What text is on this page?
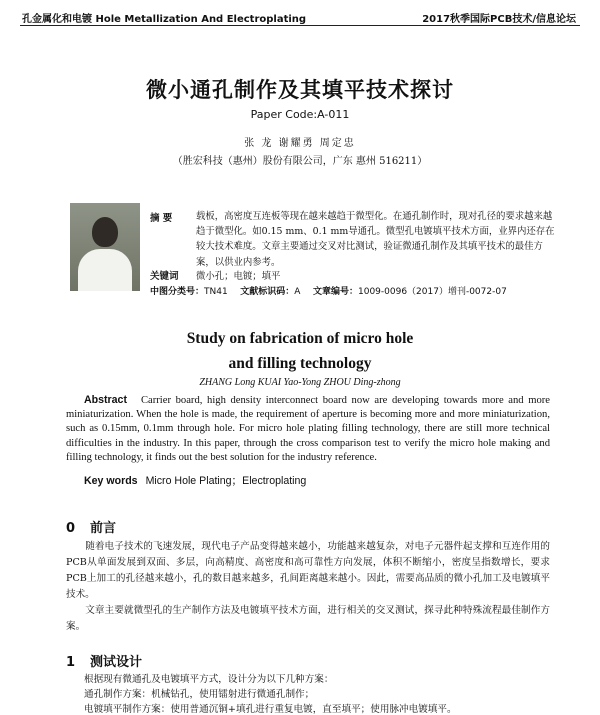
孔金属化和电镀 Hole Metallization And Electroplating	2017秋季国际PCB技术/信息论坛
微小通孔制作及其填平技术探讨
Paper Code:A-011
张 龙 谢耀勇 周定忠
（胜宏科技（惠州）股份有限公司，广东 惠州 516211）
摘 要	载板，高密度互连板等现在越来越趋于微型化。在通孔制作时，现对孔径的要求越来越趋于微型化。如0.15 mm、0.1 mm导通孔。微型孔电镀填平技术方面，业界内还存在较大技术难度。文章主要通过交叉对比测试，验证微通孔制作及其填平技术的最佳方案，以供业内参考。
关键词 微小孔；电镀；填平
中图分类号：TN41 文献标识码：A 文章编号：1009-0096（2017）增刊-0072-07
Study on fabrication of micro hole
and filling technology
ZHANG Long KUAI Yao-Yong ZHOU Ding-zhong
Abstract Carrier board, high density interconnect board now are developing towards more and more miniaturization. When the hole is made, the requirement of aperture is becoming more and more miniaturization, such as 0.15mm, 0.1mm through hole. For micro hole plating filling technology, there are still more technical difficulties in the industry. In this paper, through the cross comparison test to verify the micro hole making and filling technology, it finds out the best solution for the industry reference.
Key words Micro Hole Plating；Electroplating
0 前言

随着电子技术的飞速发展，现代电子产品变得越来越小，功能越来越复杂，对电子元器件起支撑和互连作用的PCB从单面发展到双面、多层，向高精度、高密度和高可靠性方向发展，体积不断缩小，密度呈指数增长，要求PCB上加工的孔径越来越小，孔的数目越来越多，孔间距离越来越小。因此，需要高品质的微小孔加工及电镀填平技术。

文章主要就微型孔的生产制作方法及电镀填平技术方面，进行相关的交叉测试，探寻此种特殊流程最佳制作方案。

1 测试设计
根据现有微通孔及电镀填平方式，设计分为以下几种方案：
通孔制作方案：机械钻孔，使用镭射进行微通孔制作；
电镀填平制作方案：使用普通沉铜+填孔进行重复电镀，直至填平；使用脉冲电镀填平。
